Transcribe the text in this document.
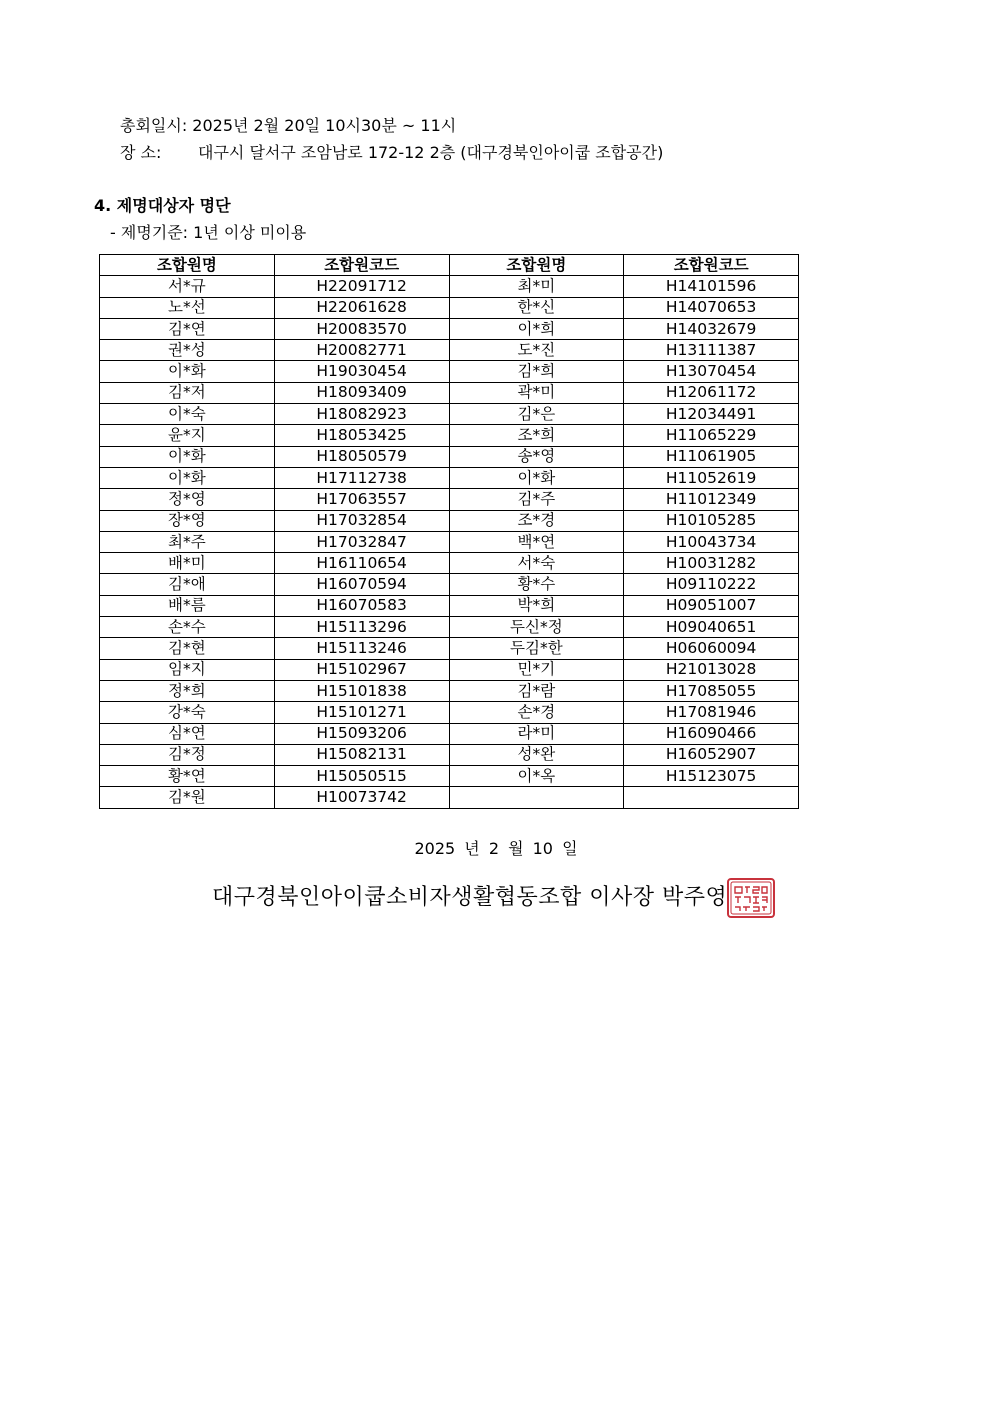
총회일시: 2025년 2월 20일 10시30분 ~ 11시
장 소: 대구시 달서구 조암남로 172-12 2층 (대구경북인아이쿱 조합공간)
4. 제명대상자 명단
- 제명기준: 1년 이상 미이용
조합원명	조합원코드	조합원명	조합원코드
서*규	H22091712	최*미	H14101596
노*선	H22061628	한*신	H14070653
김*연	H20083570	이*희	H14032679
권*성	H20082771	도*진	H13111387
이*화	H19030454	김*희	H13070454
김*저	H18093409	곽*미	H12061172
이*숙	H18082923	김*은	H12034491
윤*지	H18053425	조*희	H11065229
이*화	H18050579	송*영	H11061905
이*화	H17112738	이*화	H11052619
정*영	H17063557	김*주	H11012349
장*영	H17032854	조*경	H10105285
최*주	H17032847	백*연	H10043734
배*미	H16110654	서*숙	H10031282
김*애	H16070594	황*수	H09110222
배*름	H16070583	박*희	H09051007
손*수	H15113296	두신*정	H09040651
김*현	H15113246	두김*한	H06060094
임*지	H15102967	민*기	H21013028
정*희	H15101838	김*람	H17085055
강*숙	H15101271	손*경	H17081946
심*연	H15093206	라*미	H16090466
김*정	H15082131	성*완	H16052907
황*연	H15050515	이*옥	H15123075
김*원	H10073742		
2025 년 2 월 10 일
대구경북인아이쿱소비자생활협동조합 이사장 박주영
